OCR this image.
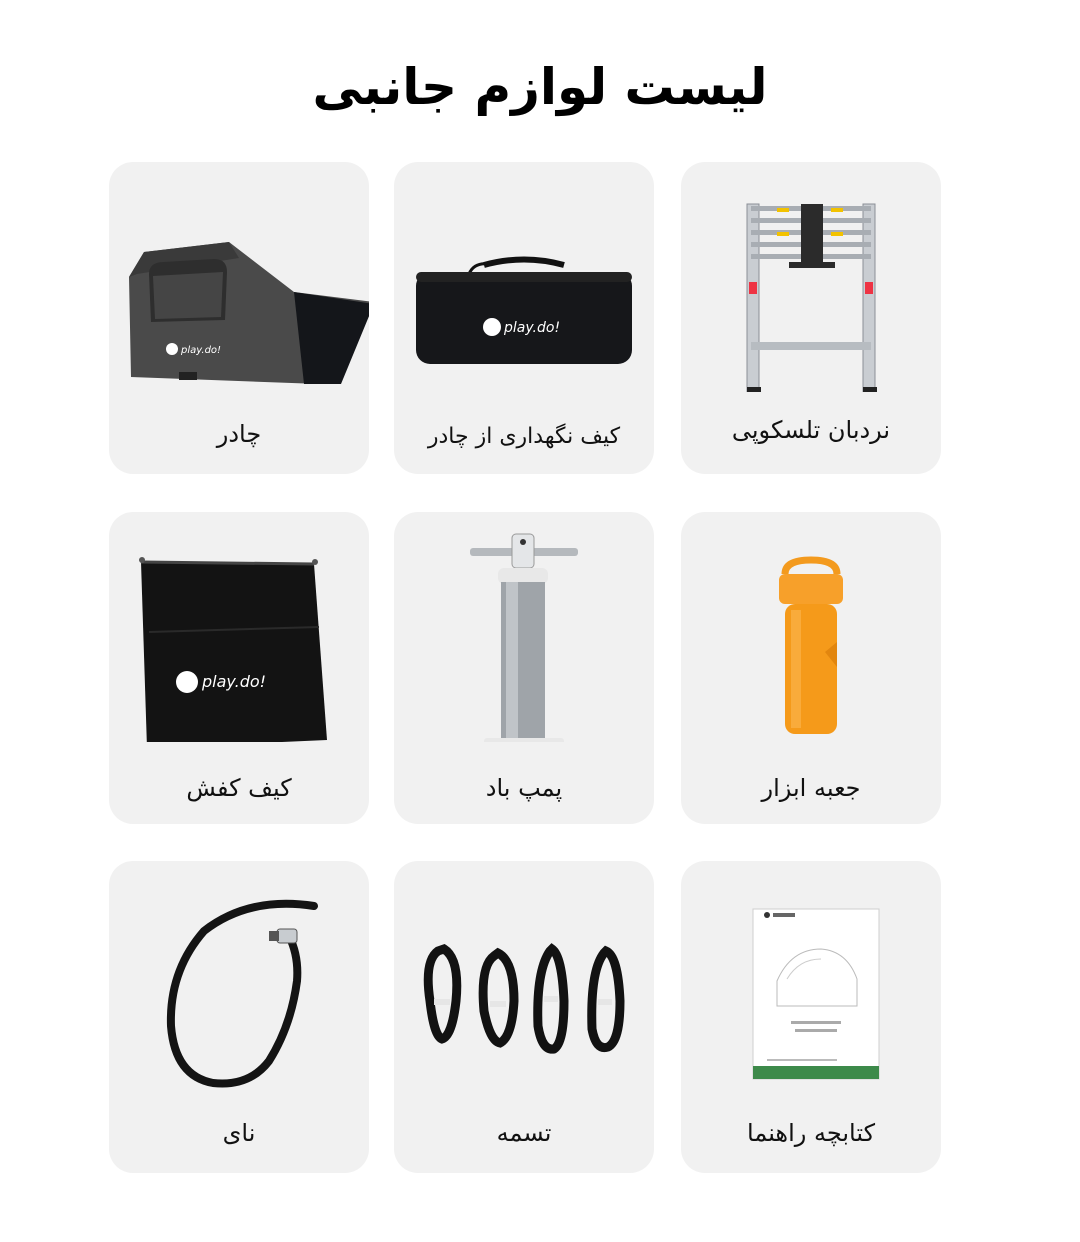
لیست لوازم جانبی
play.do!
چادر
play.do!
کیف نگهداری از چادر	نردبان تلسکوپی
play.do!
کیف کفش	پمپ باد	جعبه ابزار
نای	تسمه	کتابچه راهنما
